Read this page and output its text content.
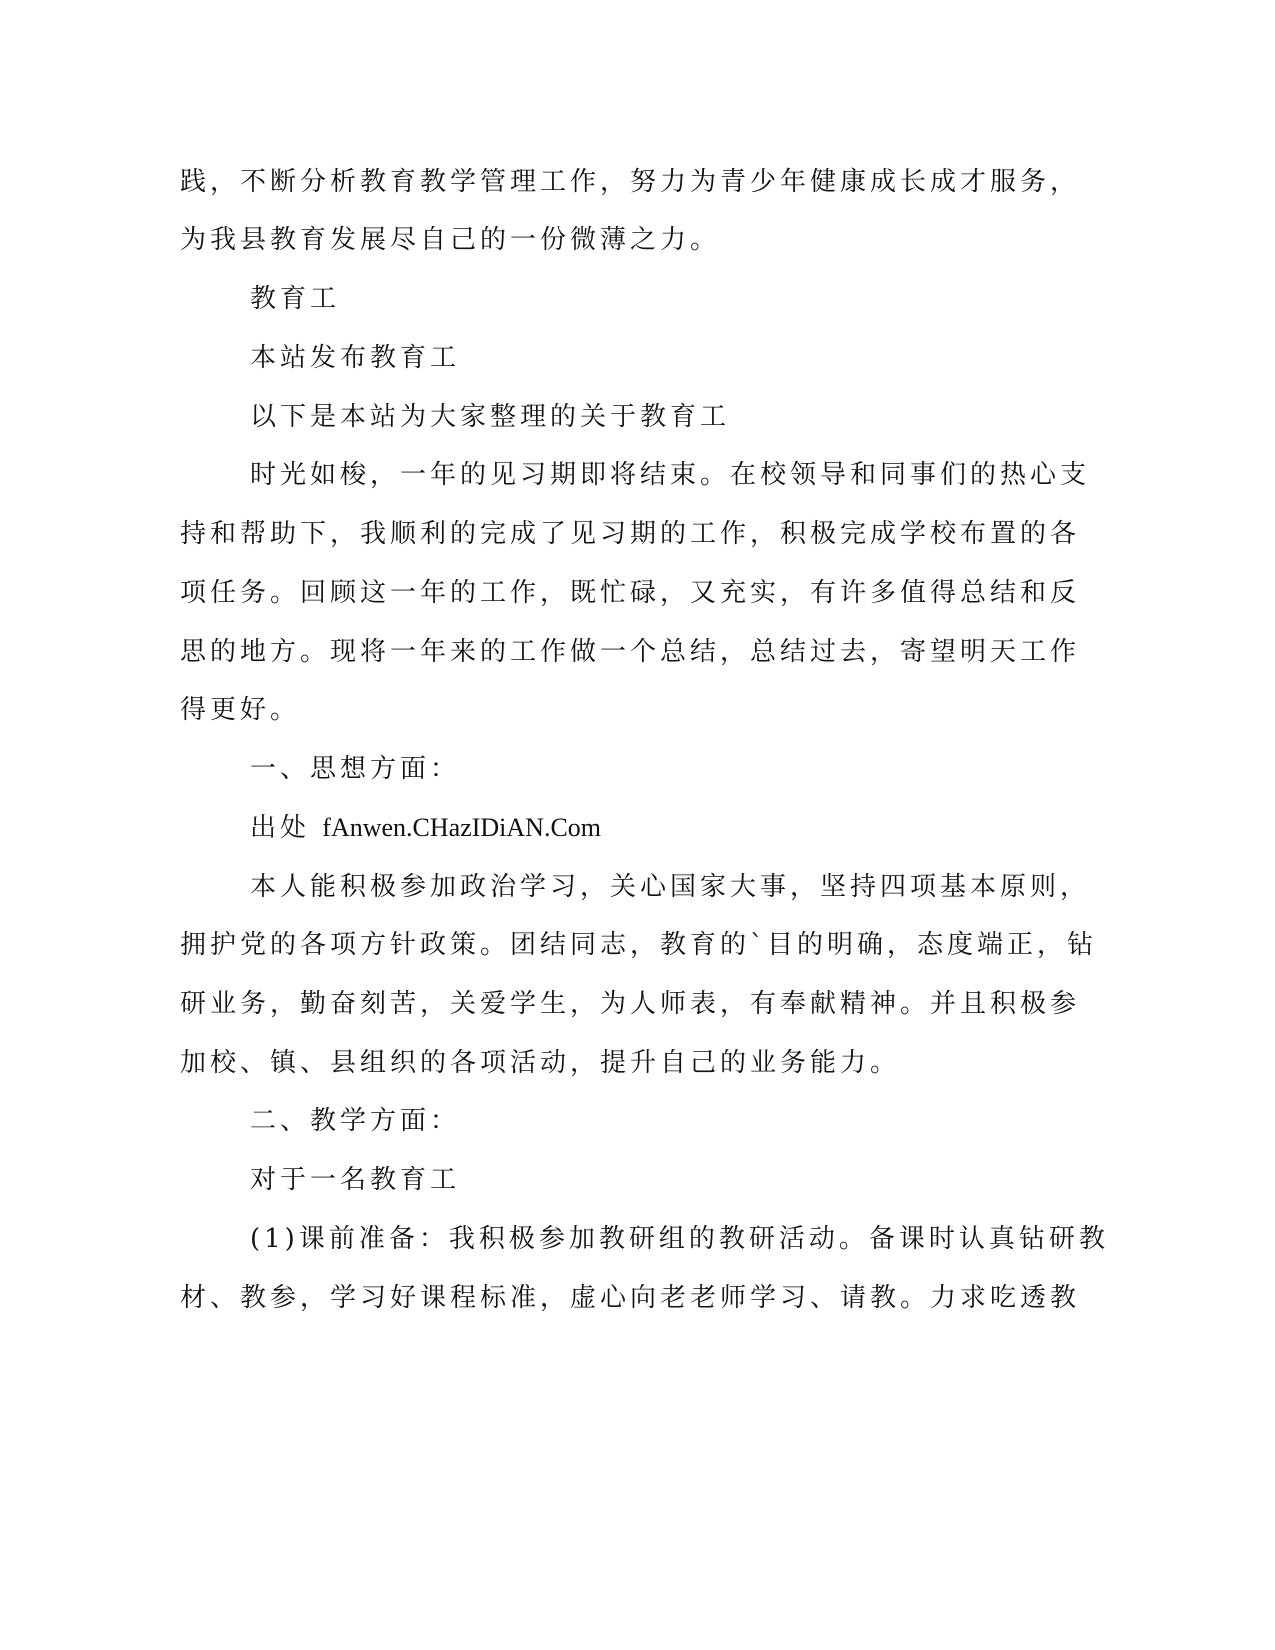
践，不断分析教育教学管理工作，努力为青少年健康成长成才服务，
为我县教育发展尽自己的一份微薄之力。
教育工
本站发布教育工
以下是本站为大家整理的关于教育工
时光如梭，一年的见习期即将结束。在校领导和同事们的热心支
持和帮助下，我顺利的完成了见习期的工作，积极完成学校布置的各
项任务。回顾这一年的工作，既忙碌，又充实，有许多值得总结和反
思的地方。现将一年来的工作做一个总结，总结过去，寄望明天工作
得更好。
一、思想方面：
出处 fAnwen.CHazIDiAN.Com
本人能积极参加政治学习，关心国家大事，坚持四项基本原则，
拥护党的各项方针政策。团结同志，教育的`目的明确，态度端正，钻
研业务，勤奋刻苦，关爱学生，为人师表，有奉献精神。并且积极参
加校、镇、县组织的各项活动，提升自己的业务能力。
二、教学方面：
对于一名教育工
(1)课前准备：我积极参加教研组的教研活动。备课时认真钻研教
材、教参，学习好课程标准，虚心向老老师学习、请教。力求吃透教
